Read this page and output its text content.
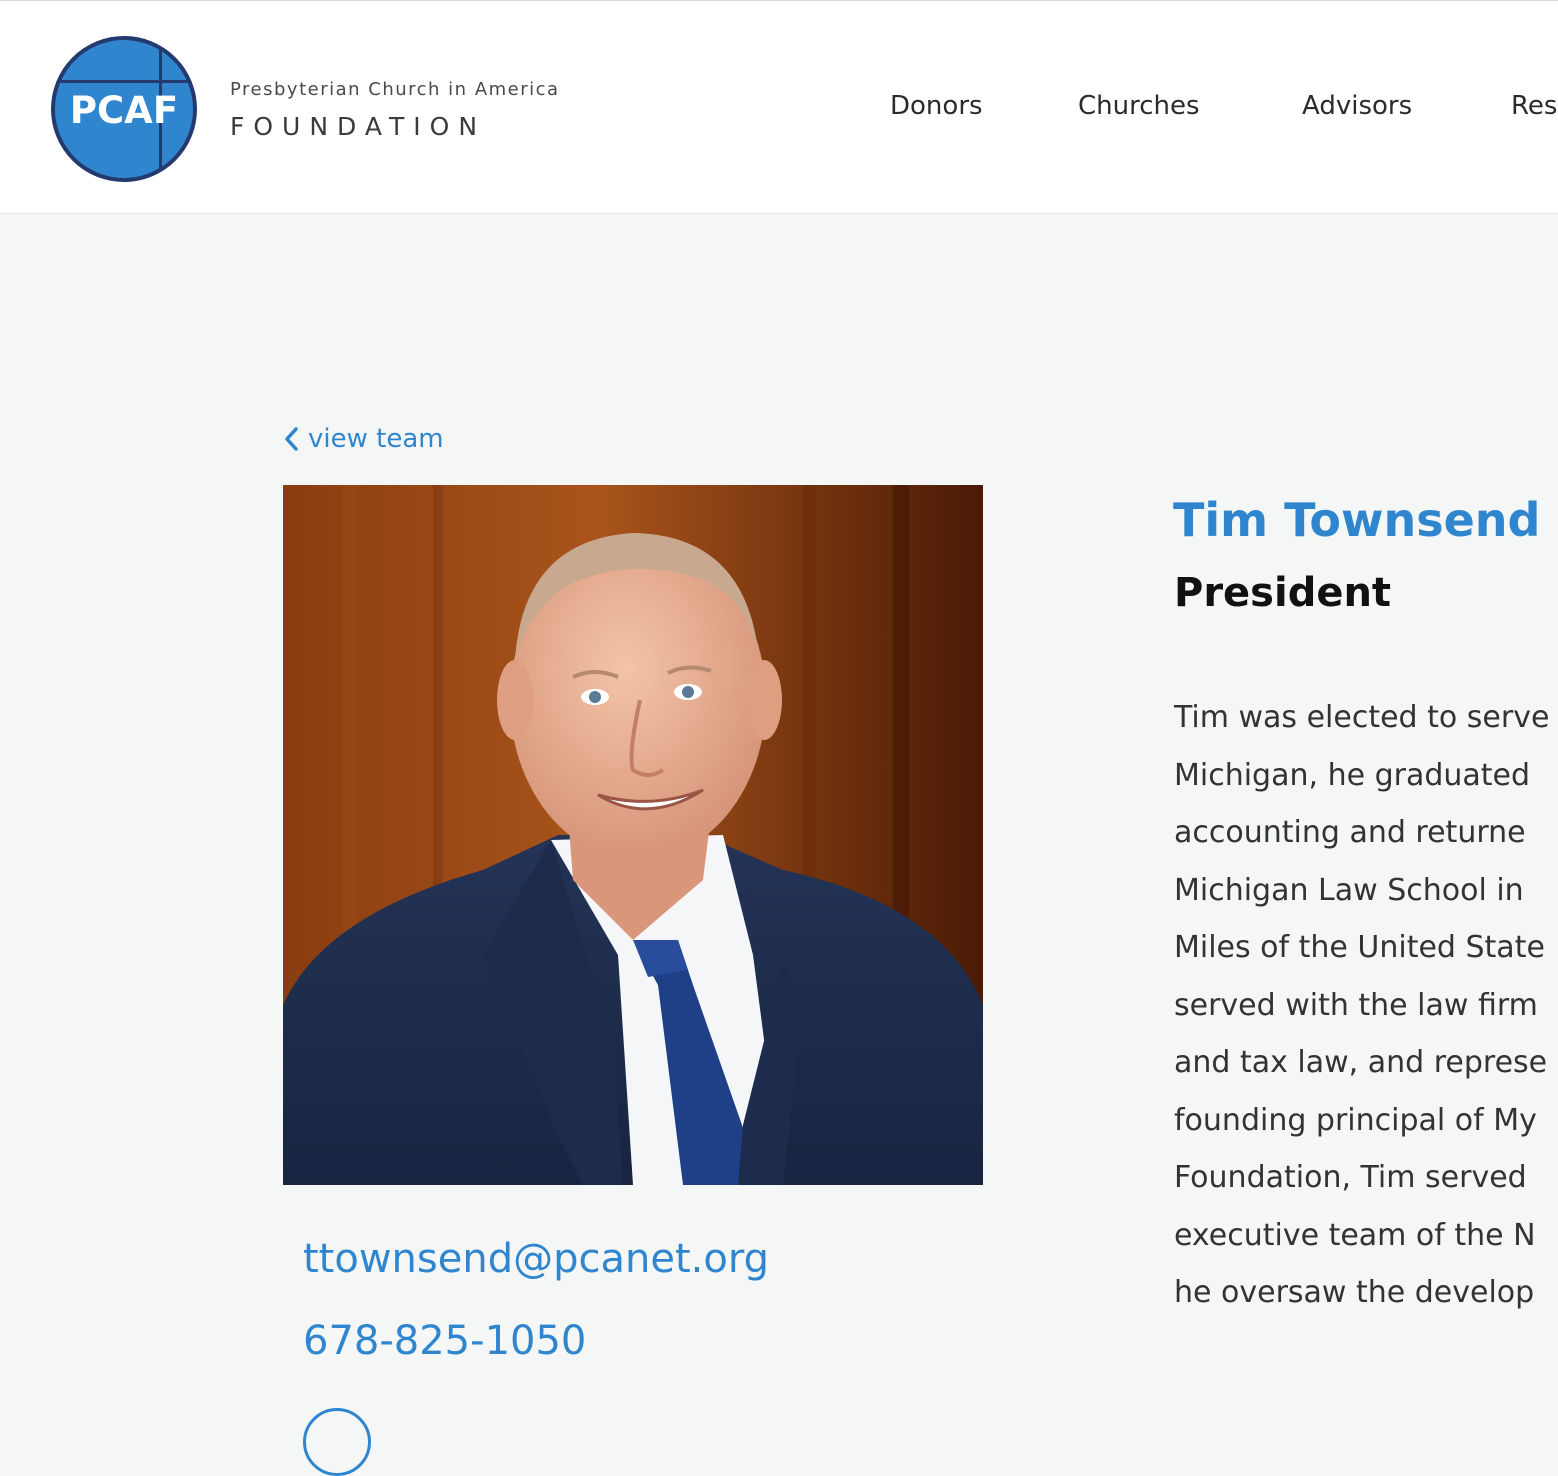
PCAF	Presbyterian Church in America
FOUNDATION
Donors	Churches	Advisors	Res
view team
ttownsend@pcanet.org
678-825-1050
Tim Townsend
President
Tim was elected to serve
Michigan, he graduated
accounting and returne
Michigan Law School in
Miles of the United State
served with the law firm
and tax law, and represe
founding principal of My
Foundation, Tim served
executive team of the N
he oversaw the develop
